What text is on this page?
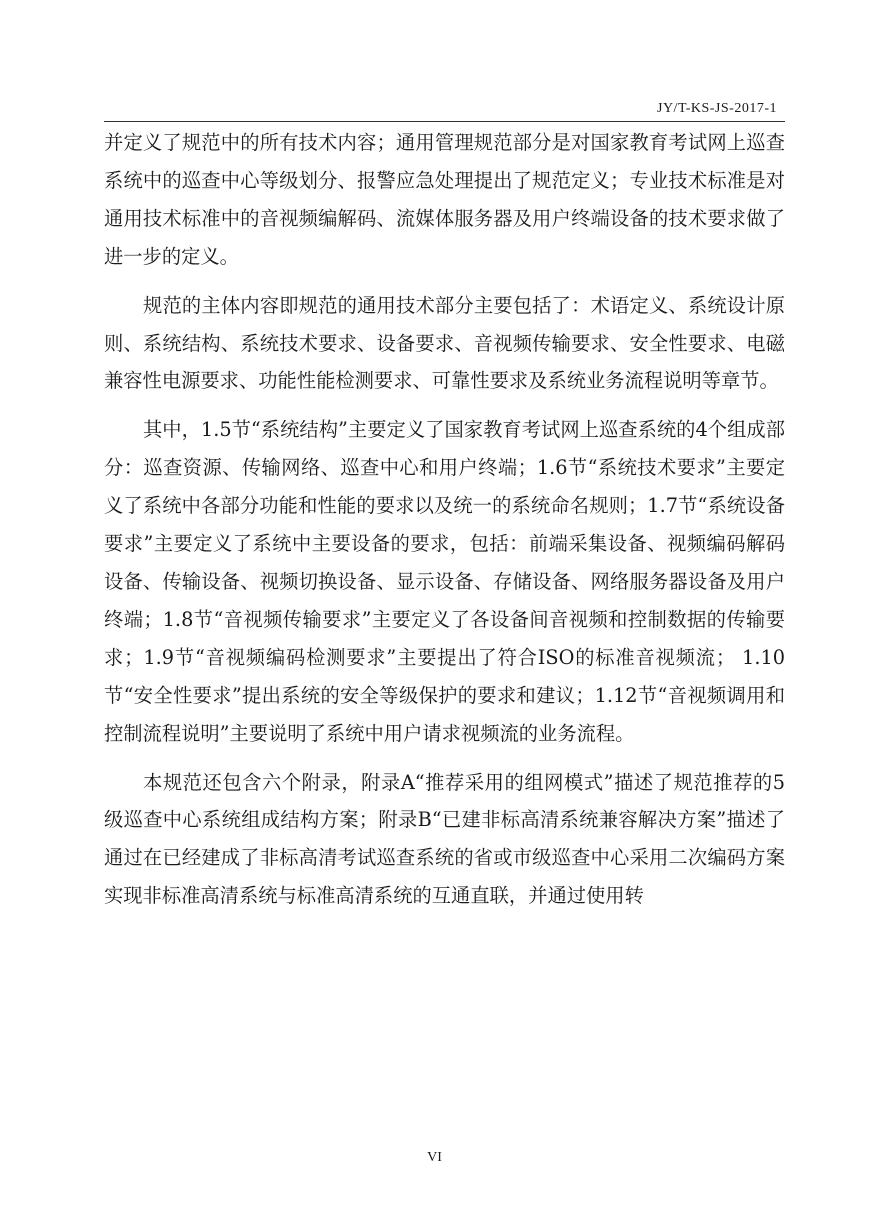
JY/T-KS-JS-2017-1

并定义了规范中的所有技术内容；通用管理规范部分是对国家教育考试网上巡查系统中的巡查中心等级划分、报警应急处理提出了规范定义；专业技术标准是对通用技术标准中的音视频编解码、流媒体服务器及用户终端设备的技术要求做了进一步的定义。

规范的主体内容即规范的通用技术部分主要包括了：术语定义、系统设计原则、系统结构、系统技术要求、设备要求、音视频传输要求、安全性要求、电磁兼容性电源要求、功能性能检测要求、可靠性要求及系统业务流程说明等章节。

其中，1.5节“系统结构”主要定义了国家教育考试网上巡查系统的4个组成部分：巡查资源、传输网络、巡查中心和用户终端；1.6节“系统技术要求”主要定义了系统中各部分功能和性能的要求以及统一的系统命名规则；1.7节“系统设备要求”主要定义了系统中主要设备的要求，包括：前端采集设备、视频编码解码设备、传输设备、视频切换设备、显示设备、存储设备、网络服务器设备及用户终端；1.8节“音视频传输要求”主要定义了各设备间音视频和控制数据的传输要求；1.9节“音视频编码检测要求”主要提出了符合ISO的标准音视频流； 1.10节“安全性要求”提出系统的安全等级保护的要求和建议；1.12节“音视频调用和控制流程说明”主要说明了系统中用户请求视频流的业务流程。

本规范还包含六个附录，附录A“推荐采用的组网模式”描述了规范推荐的5级巡查中心系统组成结构方案；附录B“已建非标高清系统兼容解决方案”描述了通过在已经建成了非标高清考试巡查系统的省或市级巡查中心采用二次编码方案实现非标准高清系统与标准高清系统的互通直联，并通过使用转

VI
